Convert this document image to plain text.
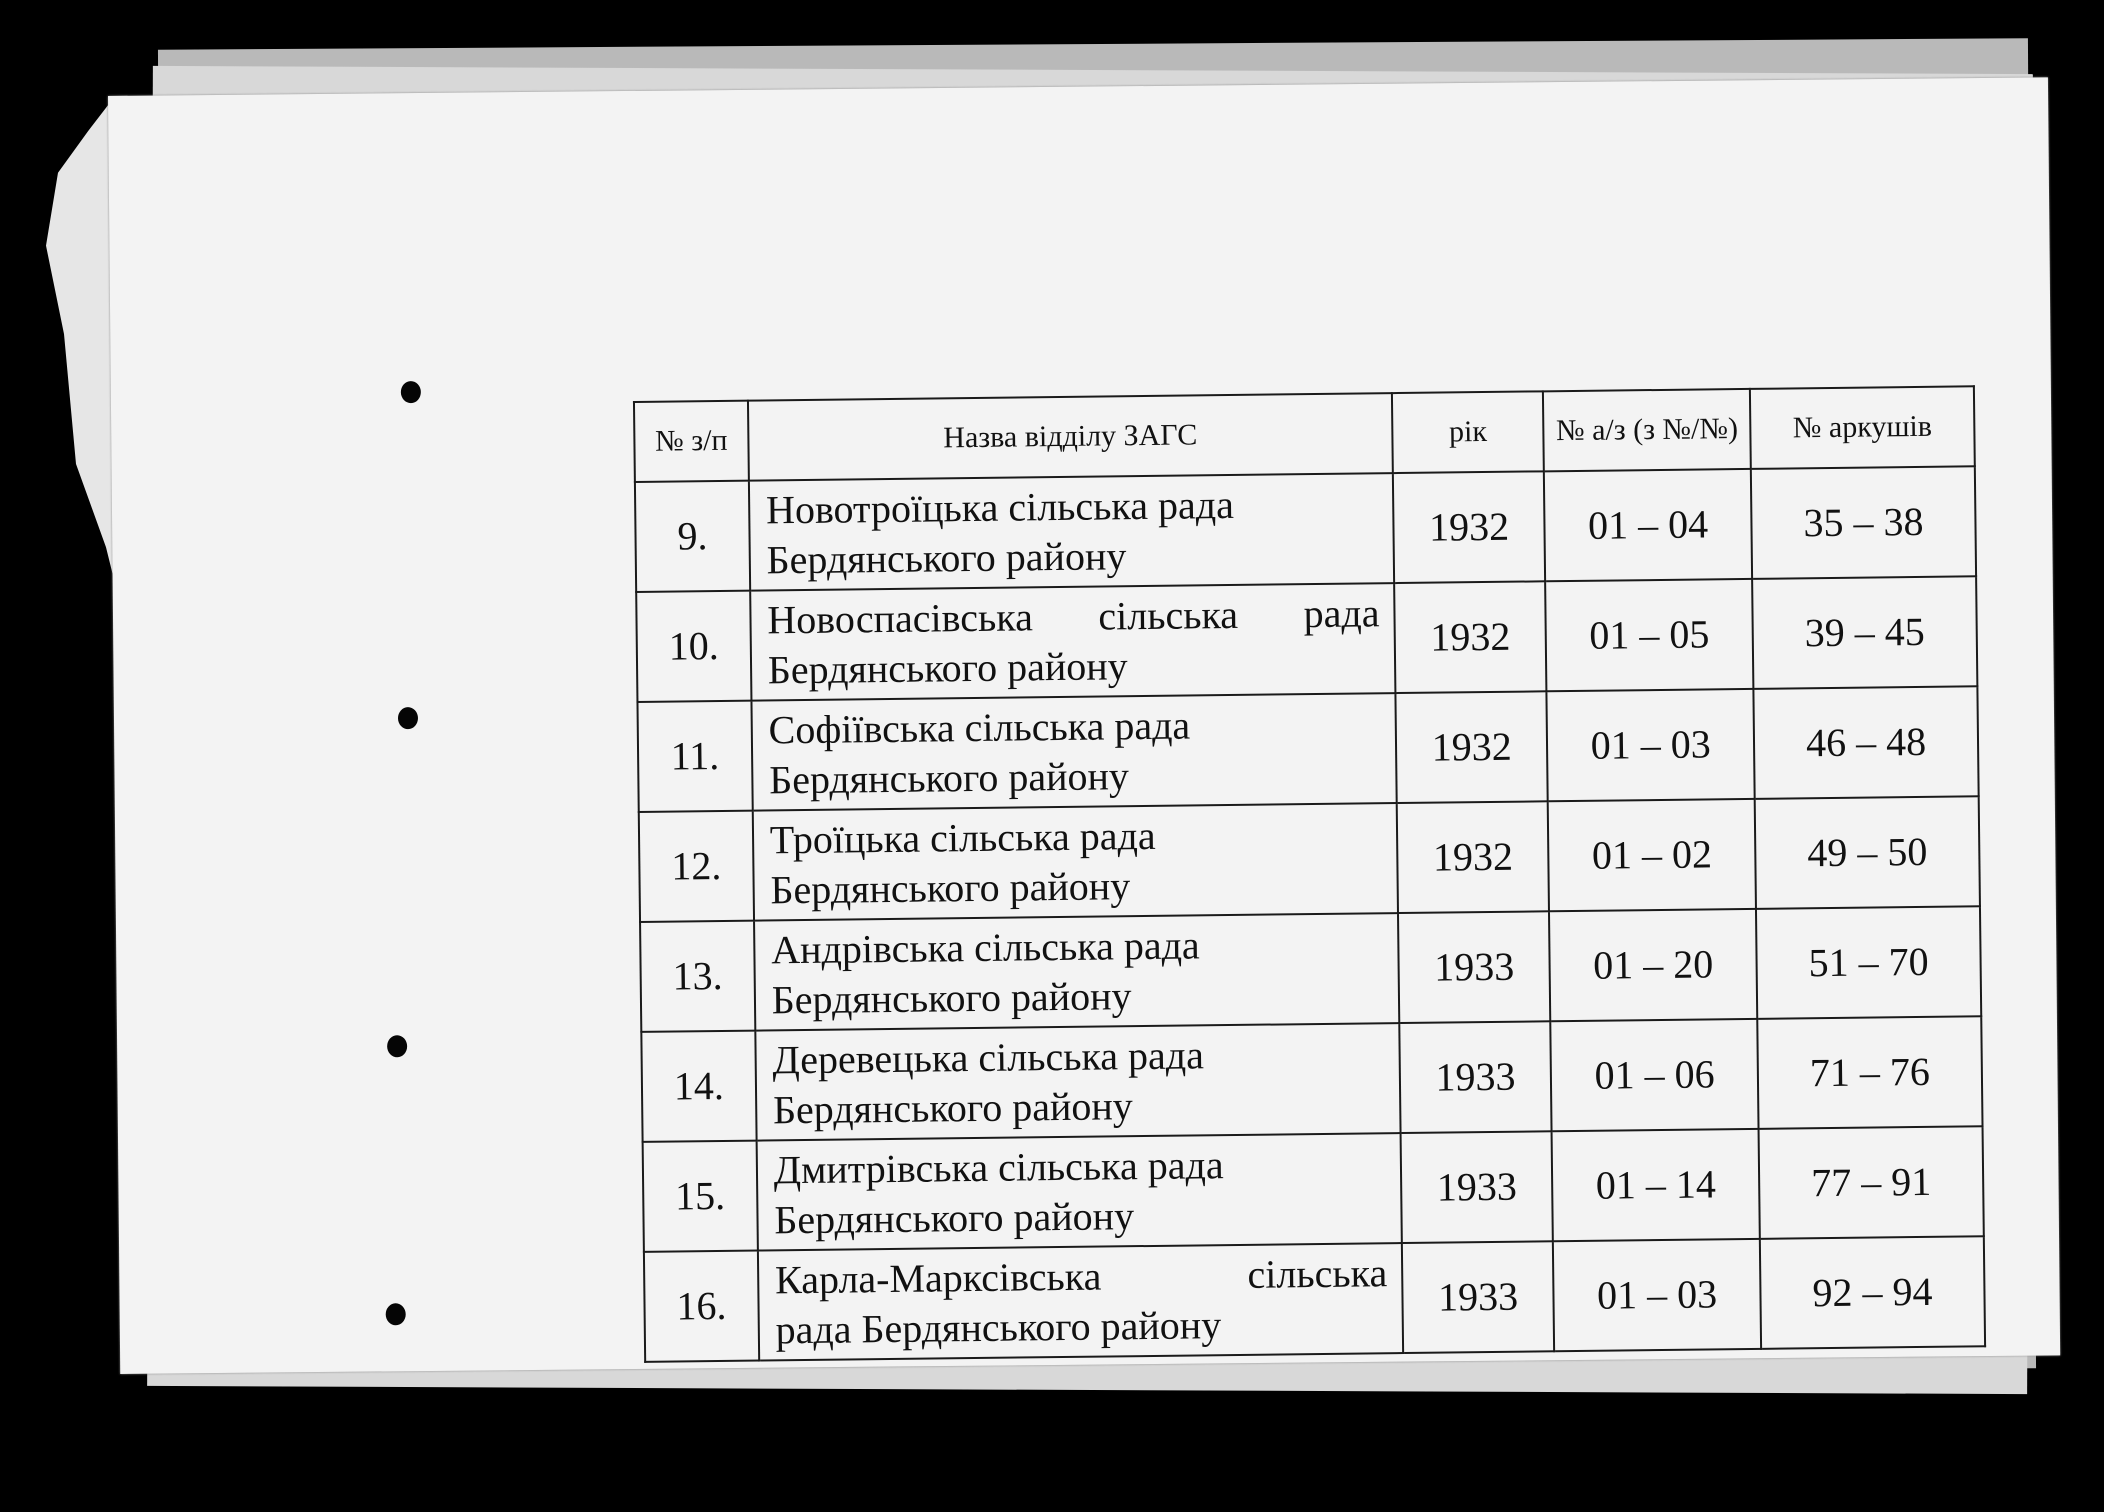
№ з/п	Назва відділу ЗАГС	рік	№ а/з (з №/№)	№ аркушів
9.	Новотроїцька сільська рада
Бердянського району	1932	01 – 04	35 – 38
10.	Новоспасівська сільська рада
Бердянського району	1932	01 – 05	39 – 45
11.	Софіївська сільська рада
Бердянського району	1932	01 – 03	46 – 48
12.	Троїцька сільська рада
Бердянського району	1932	01 – 02	49 – 50
13.	Андрівська сільська рада
Бердянського району	1933	01 – 20	51 – 70
14.	Деревецька сільська рада
Бердянського району	1933	01 – 06	71 – 76
15.	Дмитрівська сільська рада
Бердянського району	1933	01 – 14	77 – 91
16.	Карла-Марксівська сільська
рада Бердянського району	1933	01 – 03	92 – 94
